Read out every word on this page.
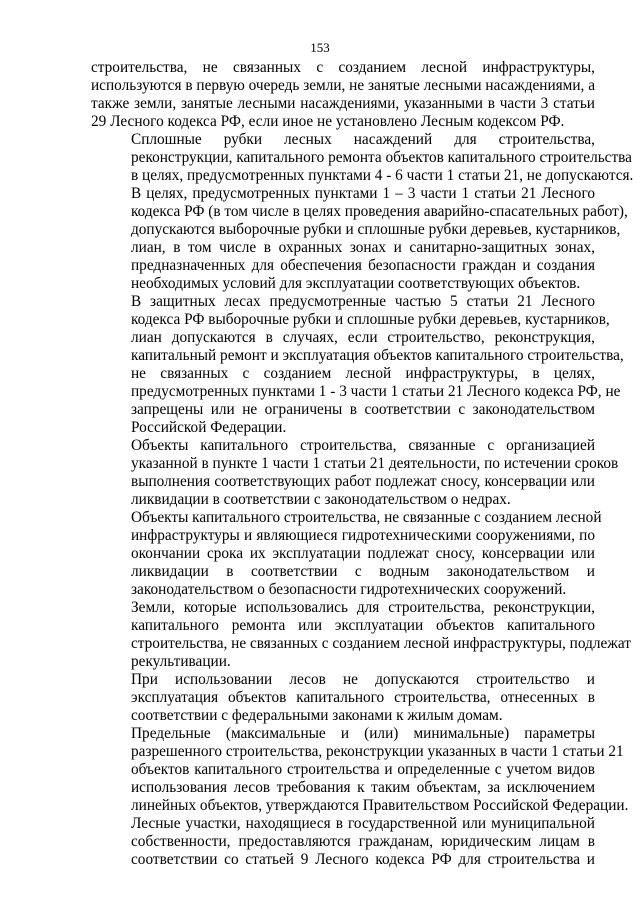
153

строительства, не связанных с созданием лесной инфраструктуры,
используются в первую очередь земли, не занятые лесными насаждениями, а
также земли, занятые лесными насаждениями, указанными в части 3 статьи
29 Лесного кодекса РФ, если иное не установлено Лесным кодексом РФ.

Сплошные рубки лесных насаждений для строительства,
реконструкции, капитального ремонта объектов капитального строительства
в целях, предусмотренных пунктами 4 - 6 части 1 статьи 21, не допускаются.

В целях, предусмотренных пунктами 1 – 3 части 1 статьи 21 Лесного
кодекса РФ (в том числе в целях проведения аварийно-спасательных работ),
допускаются выборочные рубки и сплошные рубки деревьев, кустарников,
лиан, в том числе в охранных зонах и санитарно-защитных зонах,
предназначенных для обеспечения безопасности граждан и создания
необходимых условий для эксплуатации соответствующих объектов.

В защитных лесах предусмотренные частью 5 статьи 21 Лесного
кодекса РФ выборочные рубки и сплошные рубки деревьев, кустарников,
лиан допускаются в случаях, если строительство, реконструкция,
капитальный ремонт и эксплуатация объектов капитального строительства,
не связанных с созданием лесной инфраструктуры, в целях,
предусмотренных пунктами 1 - 3 части 1 статьи 21 Лесного кодекса РФ, не
запрещены или не ограничены в соответствии с законодательством
Российской Федерации.

Объекты капитального строительства, связанные с организацией
указанной в пункте 1 части 1 статьи 21 деятельности, по истечении сроков
выполнения соответствующих работ подлежат сносу, консервации или
ликвидации в соответствии с законодательством о недрах.

Объекты капитального строительства, не связанные с созданием лесной
инфраструктуры и являющиеся гидротехническими сооружениями, по
окончании срока их эксплуатации подлежат сносу, консервации или
ликвидации в соответствии с водным законодательством и
законодательством о безопасности гидротехнических сооружений.

Земли, которые использовались для строительства, реконструкции,
капитального ремонта или эксплуатации объектов капитального
строительства, не связанных с созданием лесной инфраструктуры, подлежат
рекультивации.

При использовании лесов не допускаются строительство и
эксплуатация объектов капитального строительства, отнесенных в
соответствии с федеральными законами к жилым домам.

Предельные (максимальные и (или) минимальные) параметры
разрешенного строительства, реконструкции указанных в части 1 статьи 21
объектов капитального строительства и определенные с учетом видов
использования лесов требования к таким объектам, за исключением
линейных объектов, утверждаются Правительством Российской Федерации.

Лесные участки, находящиеся в государственной или муниципальной
собственности, предоставляются гражданам, юридическим лицам в
соответствии со статьей 9 Лесного кодекса РФ для строительства и
